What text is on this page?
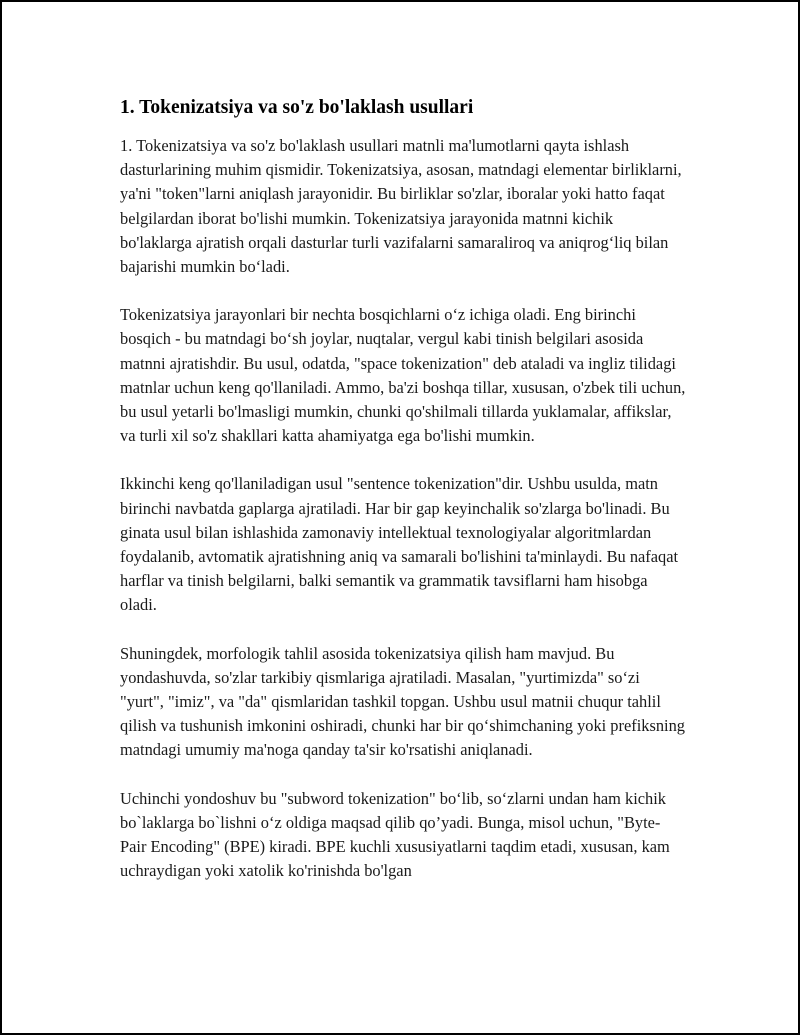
1. Tokenizatsiya va so'z bo'laklash usullari

1. Tokenizatsiya va so'z bo'laklash usullari matnli ma'lumotlarni qayta ishlash dasturlarining muhim qismidir. Tokenizatsiya, asosan, matndagi elementar birliklarni, ya'ni "token"larni aniqlash jarayonidir. Bu birliklar so'zlar, iboralar yoki hatto faqat belgilardan iborat bo'lishi mumkin. Tokenizatsiya jarayonida matnni kichik bo'laklarga ajratish orqali dasturlar turli vazifalarni samaraliroq va aniqrog‘liq bilan bajarishi mumkin bo‘ladi.

Tokenizatsiya jarayonlari bir nechta bosqichlarni o‘z ichiga oladi. Eng birinchi bosqich - bu matndagi bo‘sh joylar, nuqtalar, vergul kabi tinish belgilari asosida matnni ajratishdir. Bu usul, odatda, "space tokenization" deb ataladi va ingliz tilidagi matnlar uchun keng qo'llaniladi. Ammo, ba'zi boshqa tillar, xususan, o'zbek tili uchun, bu usul yetarli bo'lmasligi mumkin, chunki qo'shilmali tillarda yuklamalar, affikslar, va turli xil so'z shakllari katta ahamiyatga ega bo'lishi mumkin.

Ikkinchi keng qo'llaniladigan usul "sentence tokenization"dir. Ushbu usulda, matn birinchi navbatda gaplarga ajratiladi. Har bir gap keyinchalik so'zlarga bo'linadi. Bu ginata usul bilan ishlashida zamonaviy intellektual texnologiyalar algoritmlardan foydalanib, avtomatik ajratishning aniq va samarali bo'lishini ta'minlaydi. Bu nafaqat harflar va tinish belgilarni, balki semantik va grammatik tavsiflarni ham hisobga oladi.

Shuningdek, morfologik tahlil asosida tokenizatsiya qilish ham mavjud. Bu yondashuvda, so'zlar tarkibiy qismlariga ajratiladi. Masalan, "yurtimizda" so‘zi "yurt", "imiz", va "da" qismlaridan tashkil topgan. Ushbu usul matnii chuqur tahlil qilish va tushunish imkonini oshiradi, chunki har bir qo‘shimchaning yoki prefiksning matndagi umumiy ma'noga qanday ta'sir ko'rsatishi aniqlanadi.

Uchinchi yondoshuv bu "subword tokenization" bo‘lib, so‘zlarni undan ham kichik bo`laklarga bo`lishni o‘z oldiga maqsad qilib qo’yadi. Bunga, misol uchun, "Byte-Pair Encoding" (BPE) kiradi. BPE kuchli xususiyatlarni taqdim etadi, xususan, kam uchraydigan yoki xatolik ko'rinishda bo'lgan
